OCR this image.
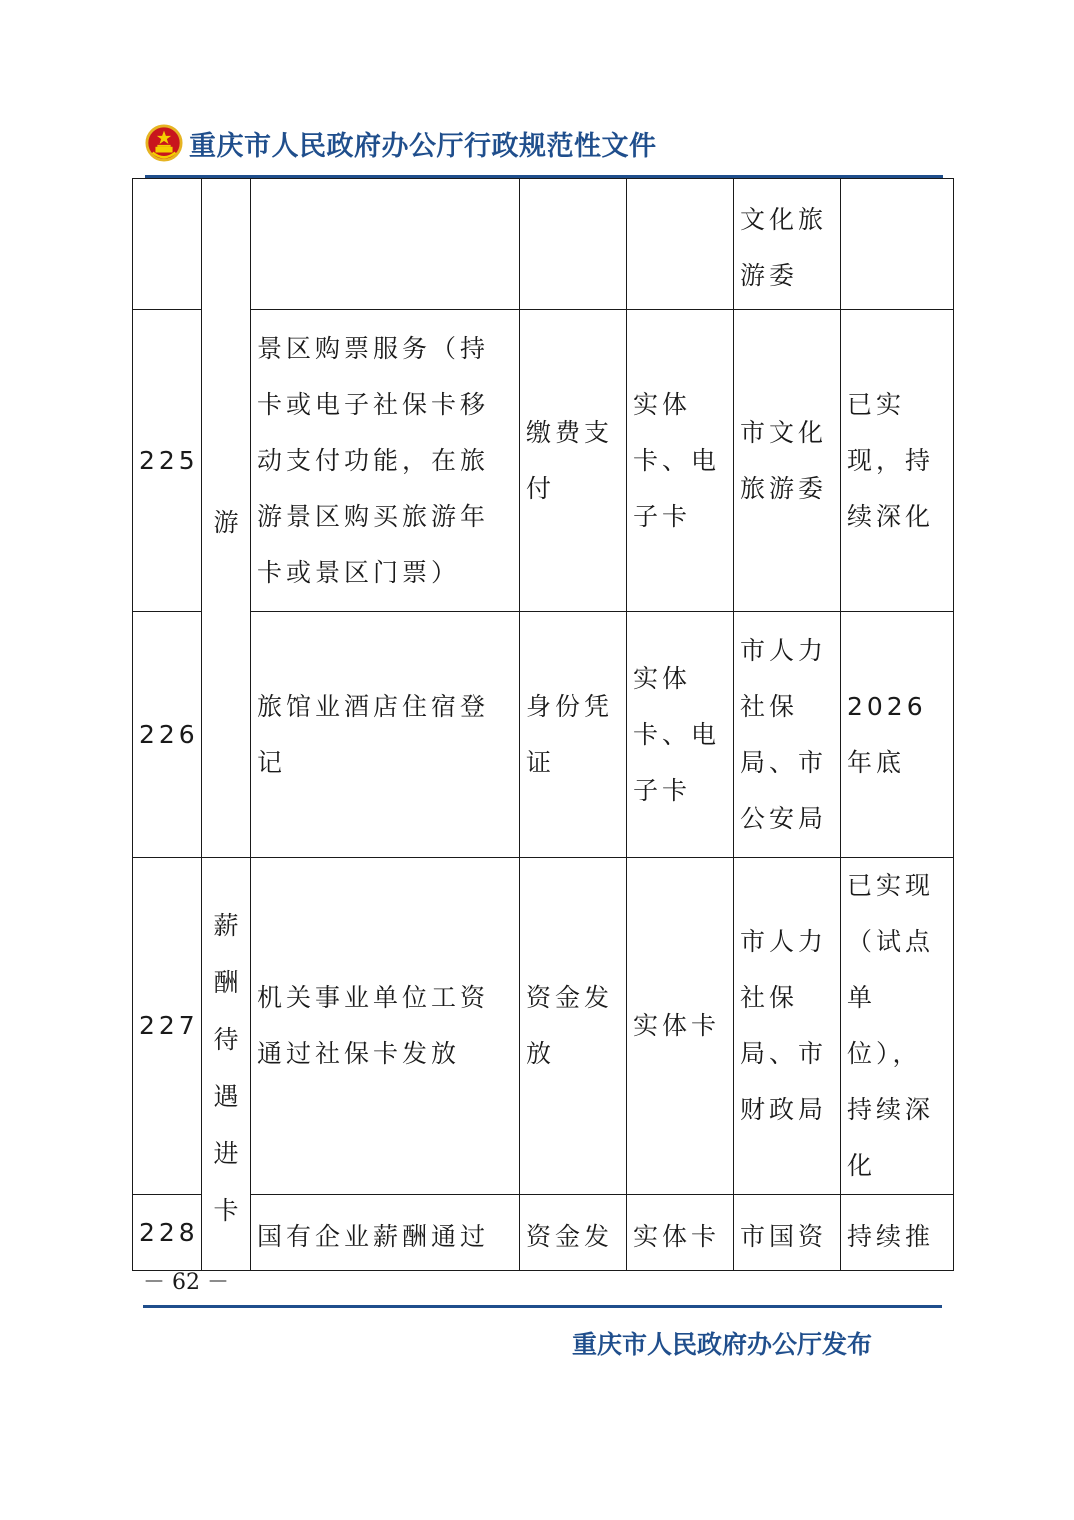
重庆市人民政府办公厅行政规范性文件

	游				文化旅游委	
225		景区购票服务（持卡或电子社保卡移动支付功能，在旅游景区购买旅游年卡或景区门票）	缴费支付	实体卡、电子卡	市文化旅游委	已实现，持续深化
226		旅馆业酒店住宿登记	身份凭证	实体卡、电子卡	市人力社保局、市公安局	2026年底
227	薪酬待遇进卡	机关事业单位工资通过社保卡发放	资金发放	实体卡	市人力社保局、市财政局	已实现（试点单位），持续深化
228		国有企业薪酬通过	资金发	实体卡	市国资	持续推
－ 62 －
重庆市人民政府办公厅发布
